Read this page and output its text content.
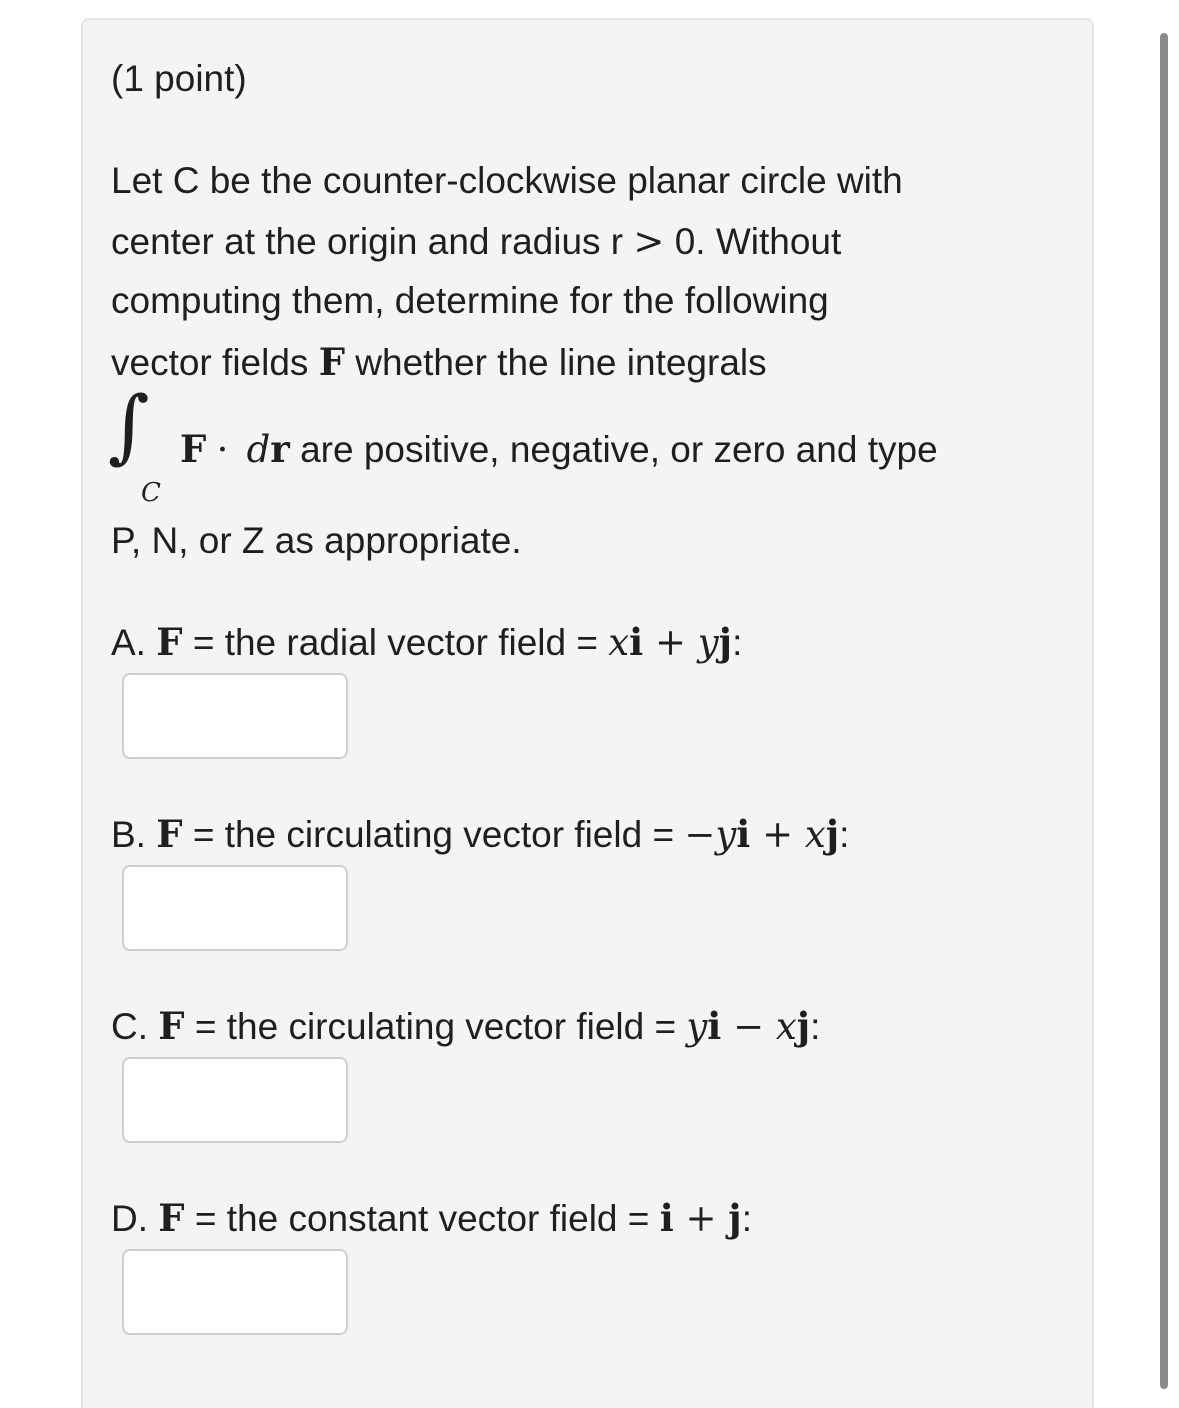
(1 point)
Let C be the counter-clockwise planar circle with
center at the origin and radius r > 0. Without
computing them, determine for the following
vector fields F whether the line integrals
∫
C
F · dr are positive, negative, or zero and type
P, N, or Z as appropriate.
A. F = the radial vector field = xi + yj:
B. F = the circulating vector field = −yi + xj:
C. F = the circulating vector field = yi − xj:
D. F = the constant vector field = i + j:
